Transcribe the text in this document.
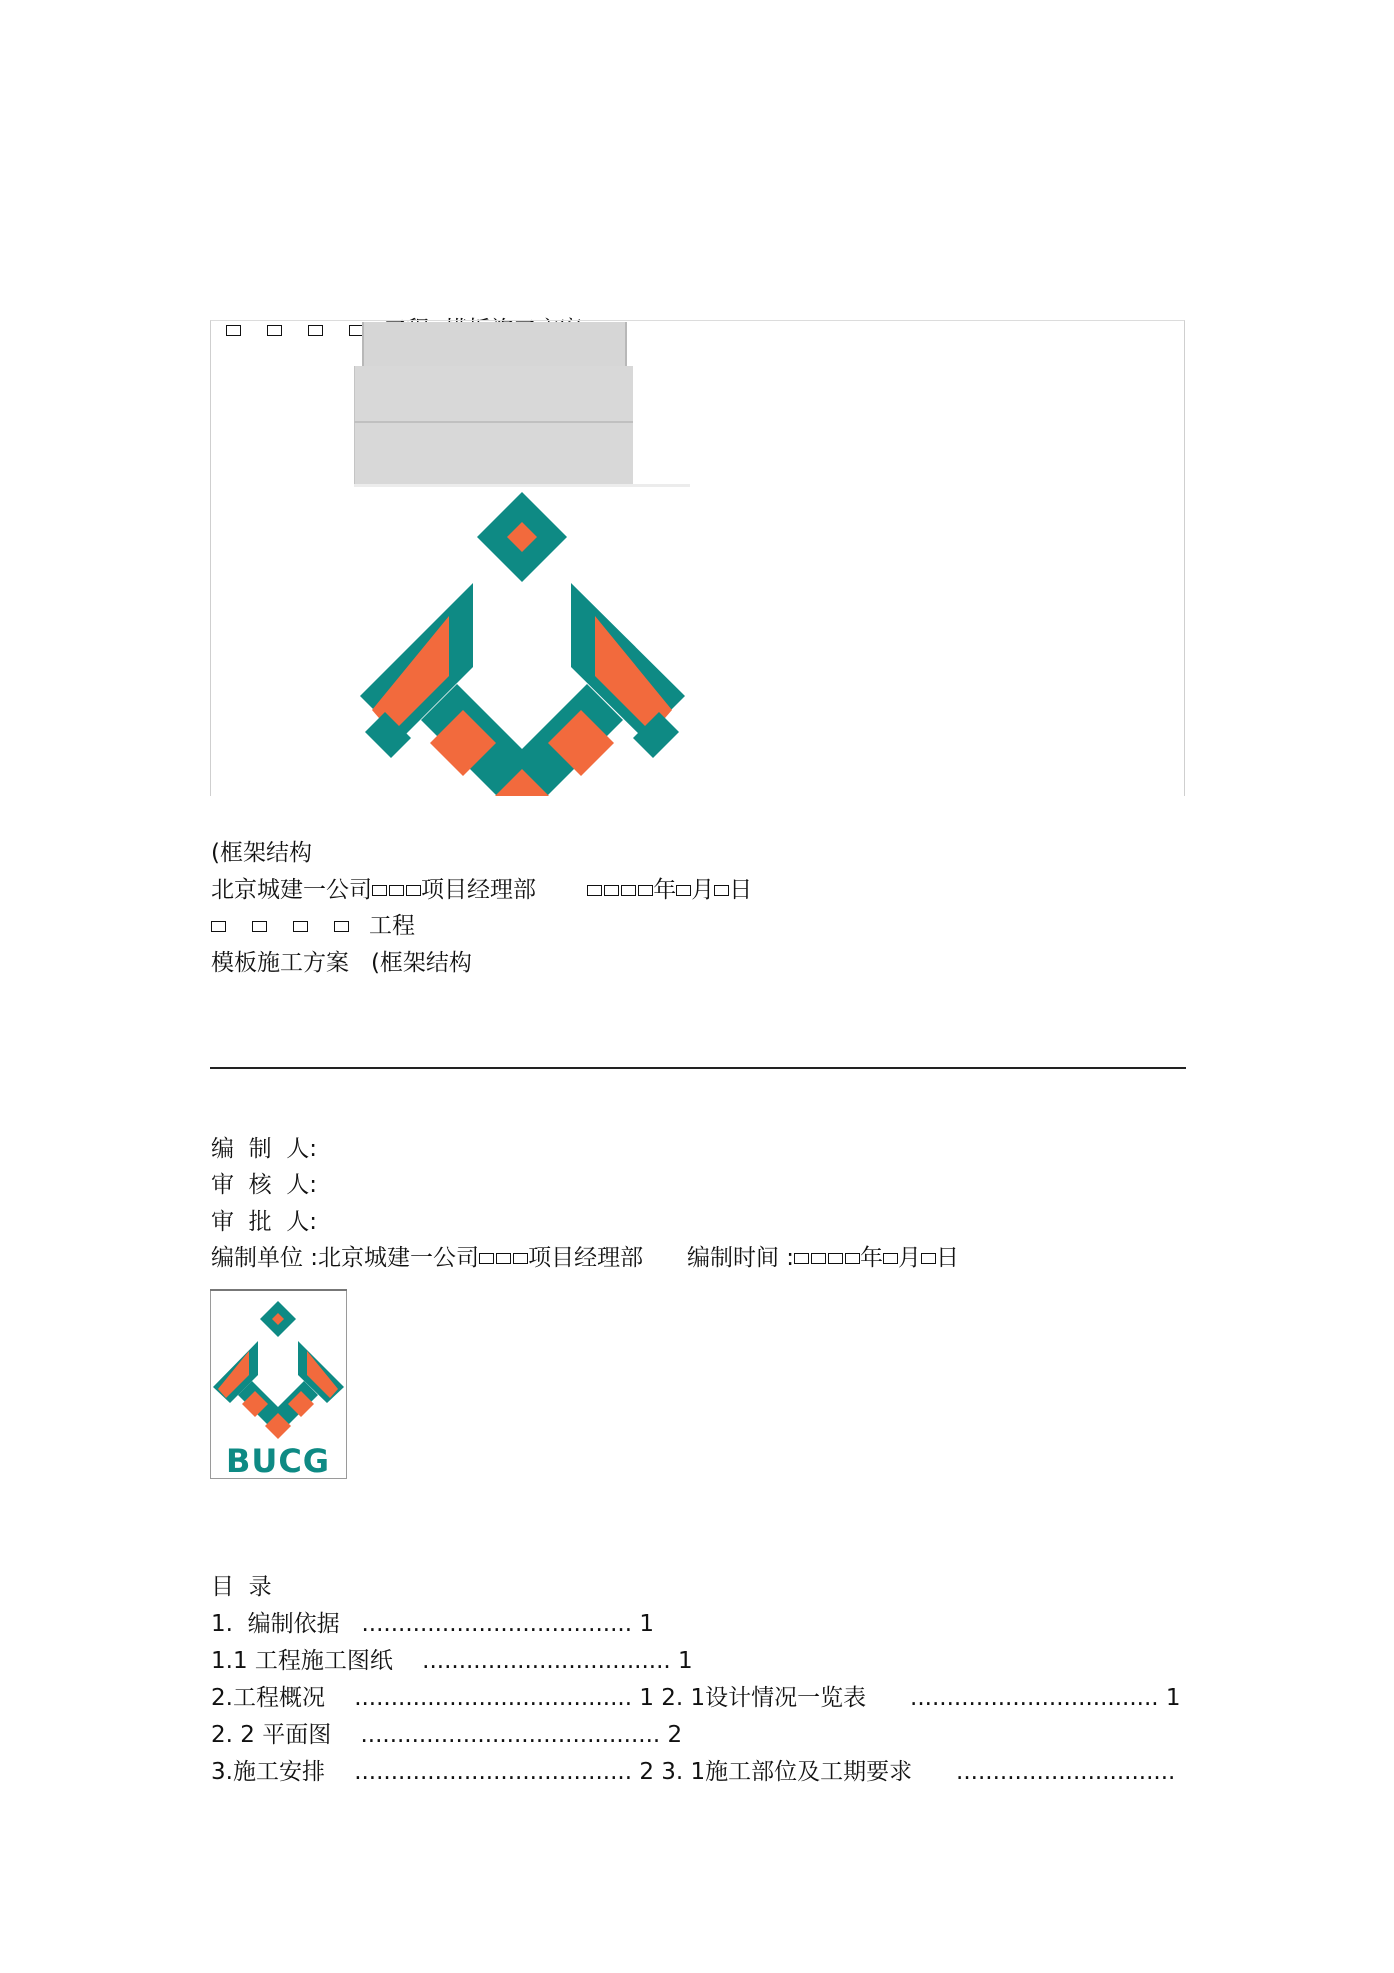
(框架结构
北京城建一公司 项目经理部	年 月 日
工程
模板施工方案 (框架结构
编  制  人:
审  核  人:
审  批  人:
编制单位 :北京城建一公司 项目经理部 编制时间 :	年 月 日
BUCG
目  录
1.  编制依据   ..................................... 1
1.1 工程施工图纸    .................................. 1
2.工程概况    ...................................... 1 2. 1设计情况一览表      .................................. 1
2. 2 平面图    ......................................... 2
3.施工安排    ...................................... 2 3. 1施工部位及工期要求      ..............................
